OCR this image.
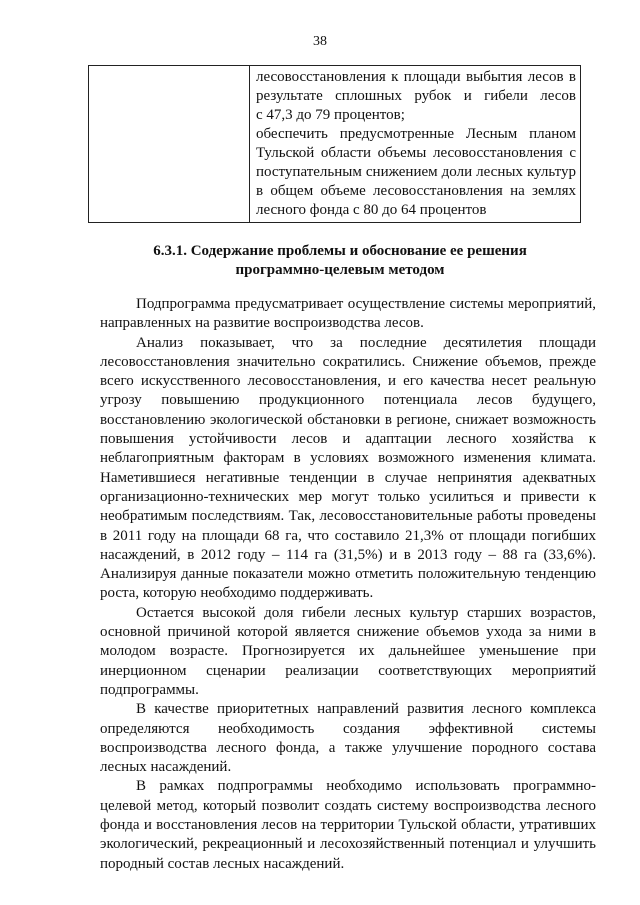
38

лесовосстановления к площади выбытия лесов в
результате сплошных рубок и гибели лесов
с 47,3 до 79 процентов;
обеспечить предусмотренные Лесным планом
Тульской области объемы лесовосстановления с
поступательным снижением доли лесных культур
в общем объеме лесовосстановления на землях
лесного фонда с 80 до 64 процентов
6.3.1. Содержание проблемы и обоснование ее решения
программно-целевым методом
Подпрограмма предусматривает осуществление системы мероприятий,
направленных на развитие воспроизводства лесов.
Анализ показывает, что за последние десятилетия площади
лесовосстановления значительно сократились. Снижение объемов, прежде
всего искусственного лесовосстановления, и его качества несет реальную
угрозу повышению продукционного потенциала лесов будущего,
восстановлению экологической обстановки в регионе, снижает возможность
повышения устойчивости лесов и адаптации лесного хозяйства к
неблагоприятным факторам в условиях возможного изменения климата.
Наметившиеся негативные тенденции в случае непринятия адекватных
организационно-технических мер могут только усилиться и привести к
необратимым последствиям. Так, лесовосстановительные работы проведены
в 2011 году на площади 68 га, что составило 21,3% от площади погибших
насаждений, в 2012 году – 114 га (31,5%) и в 2013 году – 88 га (33,6%).
Анализируя данные показатели можно отметить положительную тенденцию
роста, которую необходимо поддерживать.
Остается высокой доля гибели лесных культур старших возрастов,
основной причиной которой является снижение объемов ухода за ними в
молодом возрасте. Прогнозируется их дальнейшее уменьшение при
инерционном сценарии реализации соответствующих мероприятий
подпрограммы.
В качестве приоритетных направлений развития лесного комплекса
определяются необходимость создания эффективной системы
воспроизводства лесного фонда, а также улучшение породного состава
лесных насаждений.
В рамках подпрограммы необходимо использовать программно-
целевой метод, который позволит создать систему воспроизводства лесного
фонда и восстановления лесов на территории Тульской области, утративших
экологический, рекреационный и лесохозяйственный потенциал и улучшить
породный состав лесных насаждений.
